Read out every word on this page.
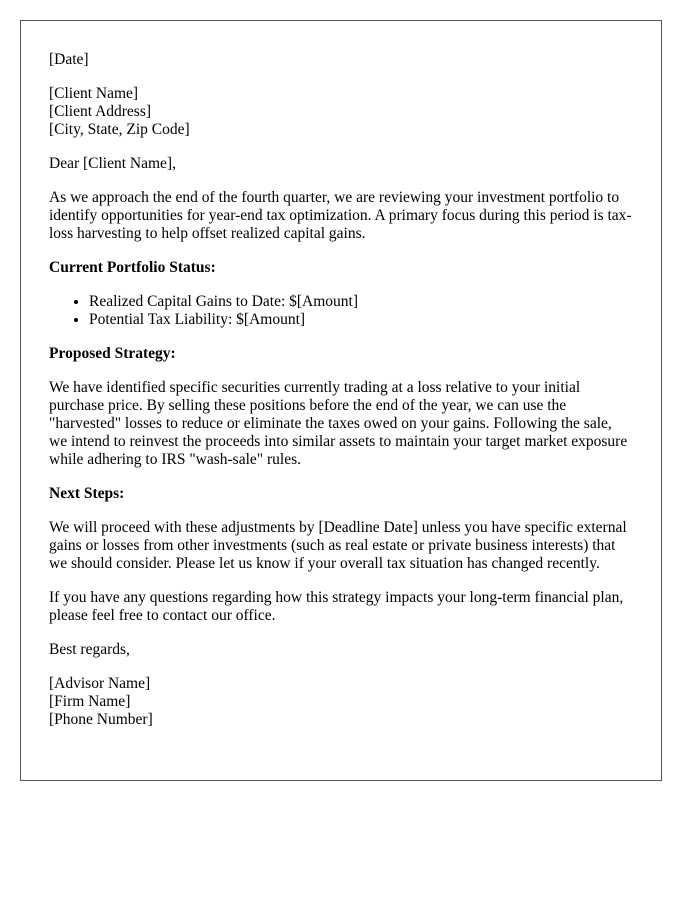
[Date]

[Client Name]
[Client Address]
[City, State, Zip Code]

Dear [Client Name],

As we approach the end of the fourth quarter, we are reviewing your investment portfolio to identify opportunities for year-end tax optimization. A primary focus during this period is tax-loss harvesting to help offset realized capital gains.

Current Portfolio Status:
• Realized Capital Gains to Date: $[Amount]
• Potential Tax Liability: $[Amount]
Proposed Strategy:

We have identified specific securities currently trading at a loss relative to your initial purchase price. By selling these positions before the end of the year, we can use the "harvested" losses to reduce or eliminate the taxes owed on your gains. Following the sale, we intend to reinvest the proceeds into similar assets to maintain your target market exposure while adhering to IRS "wash-sale" rules.

Next Steps:

We will proceed with these adjustments by [Deadline Date] unless you have specific external gains or losses from other investments (such as real estate or private business interests) that we should consider. Please let us know if your overall tax situation has changed recently.

If you have any questions regarding how this strategy impacts your long-term financial plan, please feel free to contact our office.

Best regards,

[Advisor Name]
[Firm Name]
[Phone Number]
